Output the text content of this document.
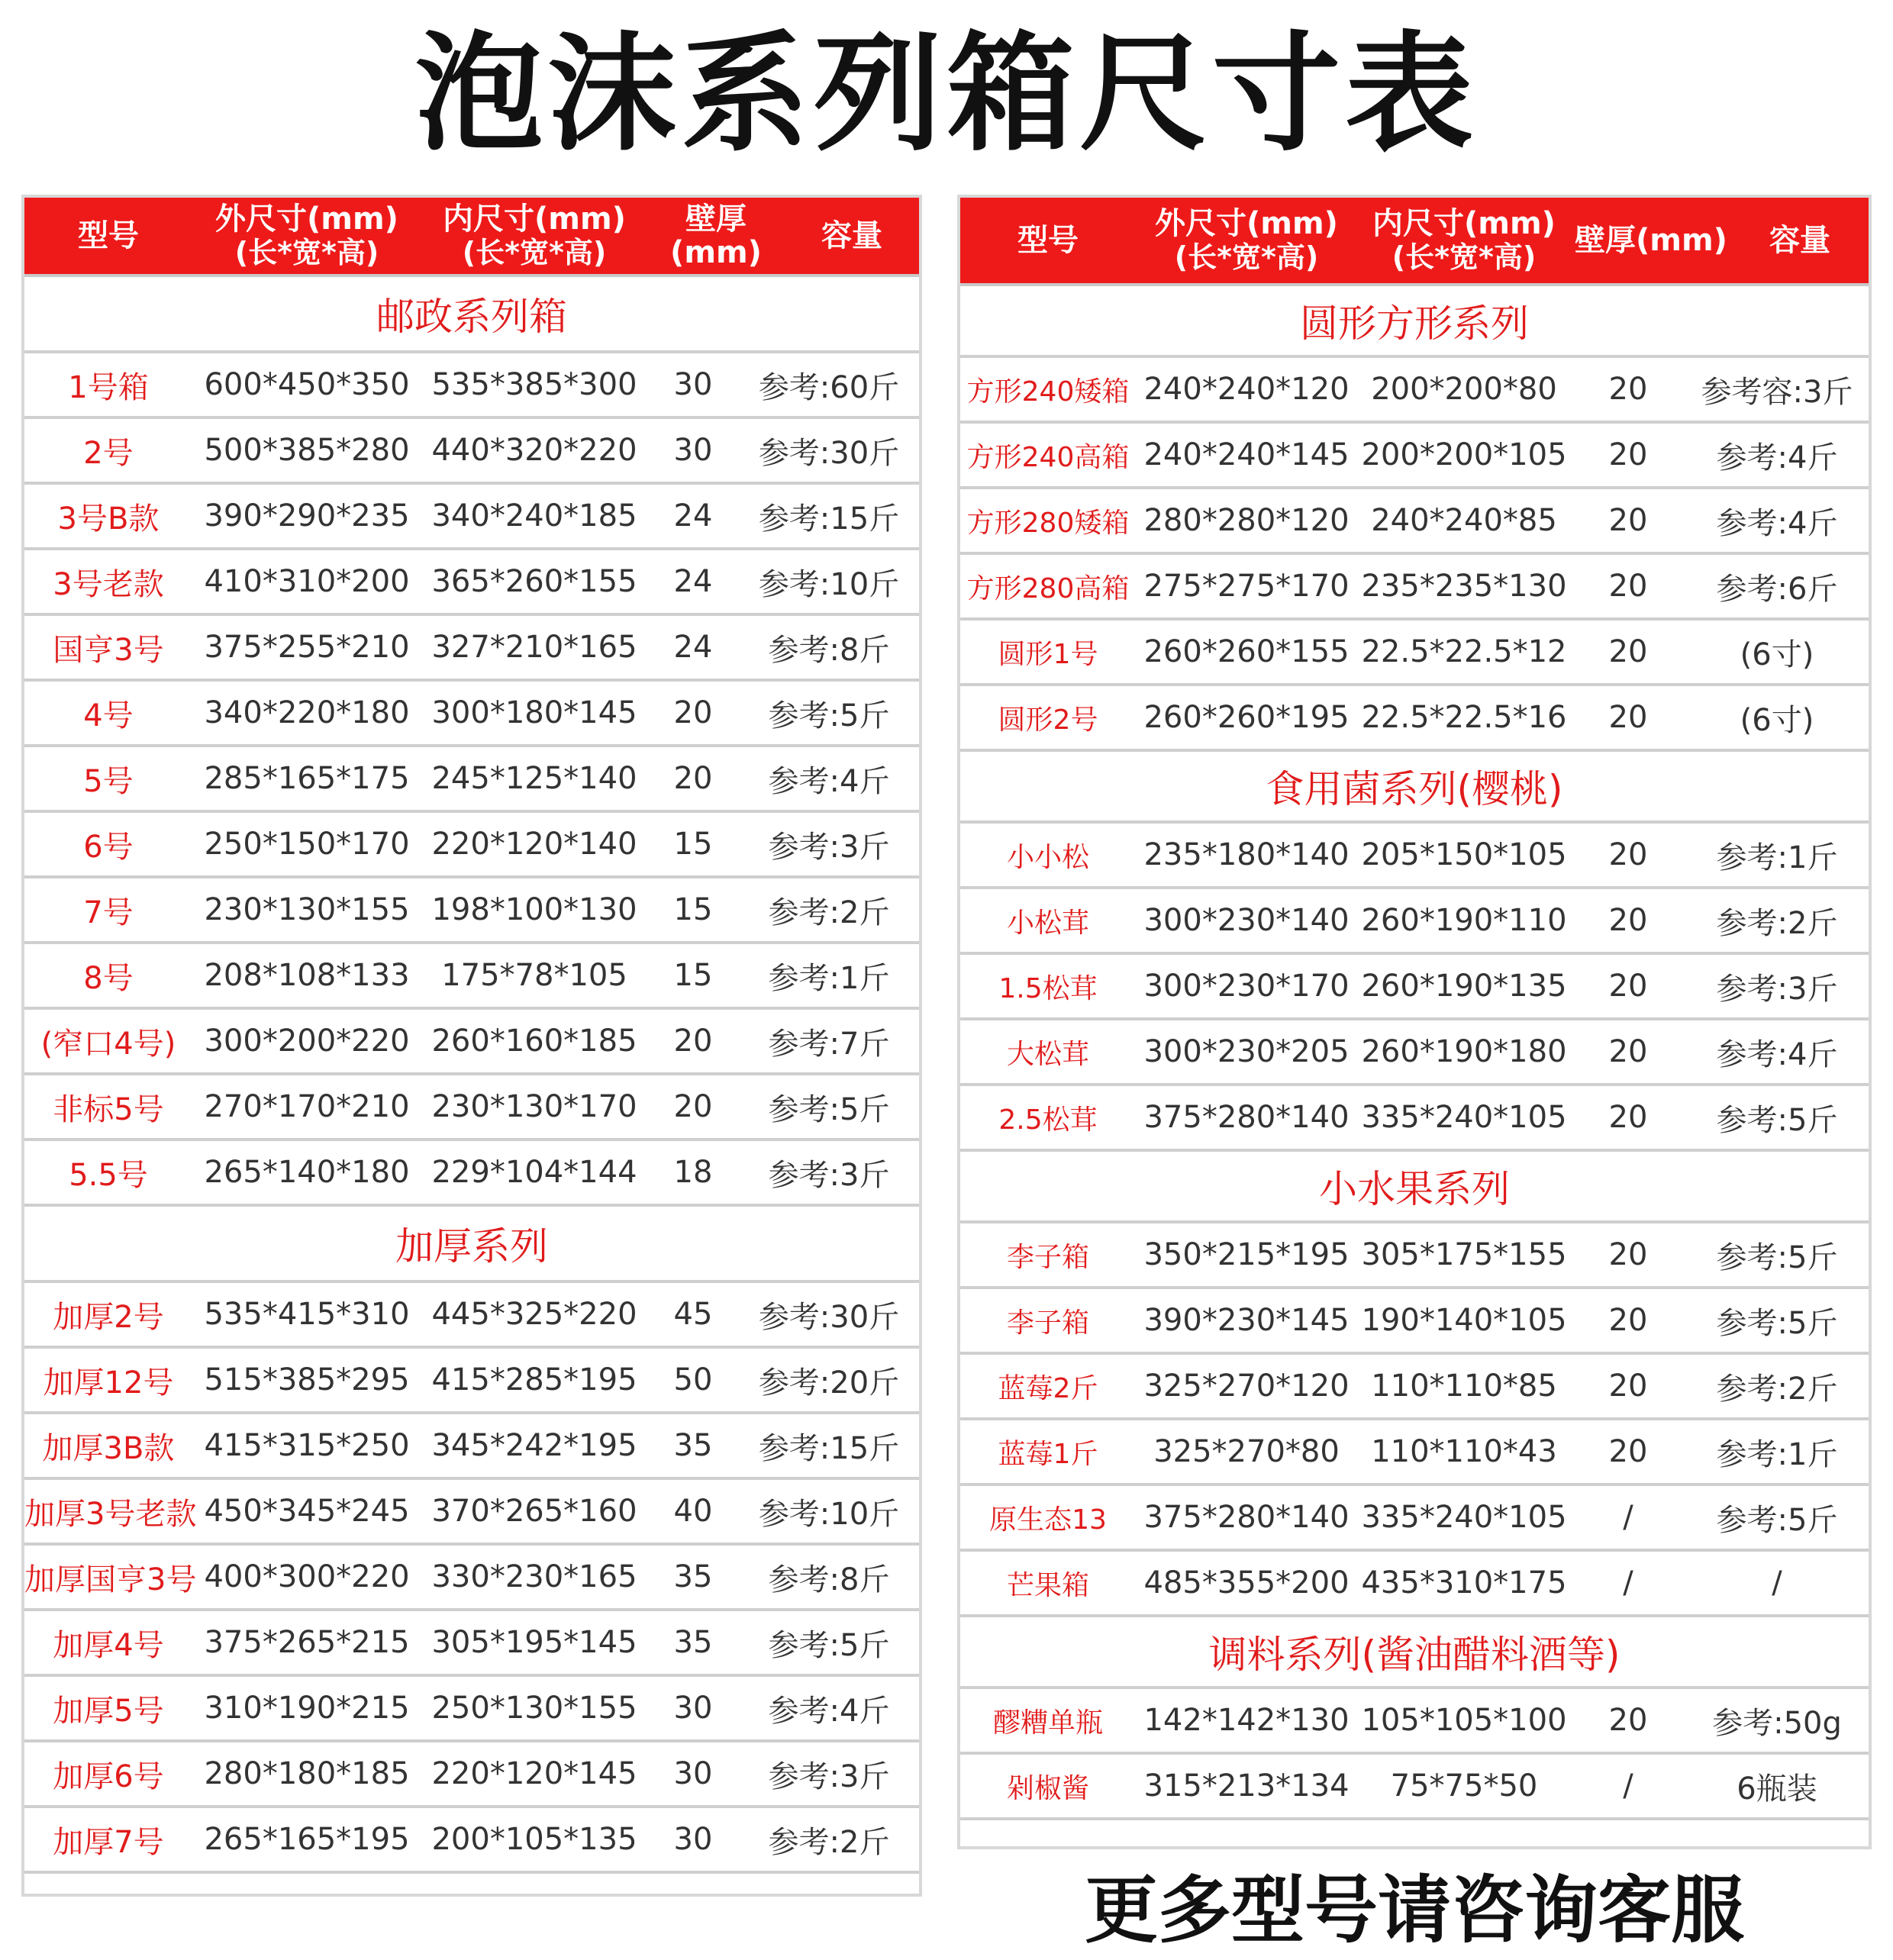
泡沫系列箱尺寸表
型号	外尺寸(mm)
(长*宽*高)
内尺寸(mm)
(长*宽*高)
壁厚(mm)	容量
邮政系列箱
1号箱	600*450*350 535*385*300	30	参考:60斤
2号	500*385*280 440*320*220	30	参考:30斤
3号B款	390*290*235 340*240*185	24	参考:15斤
3号老款	410*310*200 365*260*155	24	参考:10斤
国亨3号	375*255*210 327*210*165	24	参考:8斤
4号	340*220*180 300*180*145	20	参考:5斤
5号	285*165*175 245*125*140	20	参考:4斤
6号	250*150*170 220*120*140	15	参考:3斤
7号	230*130*155 198*100*130	15	参考:2斤
8号	208*108*133	175*78*105	15	参考:1斤
(窄口4号) 300*200*220 260*160*185	20	参考:7斤
非标5号	270*170*210 230*130*170	20	参考:5斤
5.5号	265*140*180 229*104*144	18	参考:3斤
加厚系列
加厚2号	535*415*310 445*325*220	45	参考:30斤
加厚12号	515*385*295 415*285*195	50	参考:20斤
加厚3B款 415*315*250 345*242*195	35	参考:15斤
加厚3号老款 450*345*245 370*265*160	40	参考:10斤
加厚国亨3号 400*300*220 330*230*165	35	参考:8斤
加厚4号	375*265*215 305*195*145	35	参考:5斤
加厚5号	310*190*215 250*130*155	30	参考:4斤
加厚6号	280*180*185 220*120*145	30	参考:3斤
加厚7号	265*165*195 200*105*135	30	参考:2斤
型号	外尺寸(mm)
(长*宽*高)
内尺寸(mm)
(长*宽*高)	壁厚(mm)	容量
圆形方形系列
方形240矮箱 240*240*120 200*200*80	20	参考容:3斤
方形240高箱 240*240*145 200*200*105	20	参考:4斤
方形280矮箱 280*280*120 240*240*85	20	参考:4斤
方形280高箱 275*275*170 235*235*130	20	参考:6斤
圆形1号	260*260*155 22.5*22.5*12	20	(6寸)
圆形2号	260*260*195 22.5*22.5*16	20	(6寸)
食用菌系列(樱桃)
小小松	235*180*140 205*150*105	20	参考:1斤
小松茸	300*230*140 260*190*110	20	参考:2斤
1.5松茸	300*230*170 260*190*135	20	参考:3斤
大松茸	300*230*205 260*190*180	20	参考:4斤
2.5松茸	375*280*140 335*240*105	20	参考:5斤
小水果系列
李子箱	350*215*195 305*175*155	20	参考:5斤
李子箱	390*230*145 190*140*105	20	参考:5斤
蓝莓2斤	325*270*120 110*110*85	20	参考:2斤
蓝莓1斤	325*270*80	110*110*43	20	参考:1斤
原生态13	375*280*140 335*240*105	/	参考:5斤
芒果箱	485*355*200 435*310*175	/	/
调料系列(酱油醋料酒等)
醪糟单瓶	142*142*130 105*105*100	20	参考:50g
剁椒酱	315*213*134	75*75*50	/	6瓶装
更多型号请咨询客服
